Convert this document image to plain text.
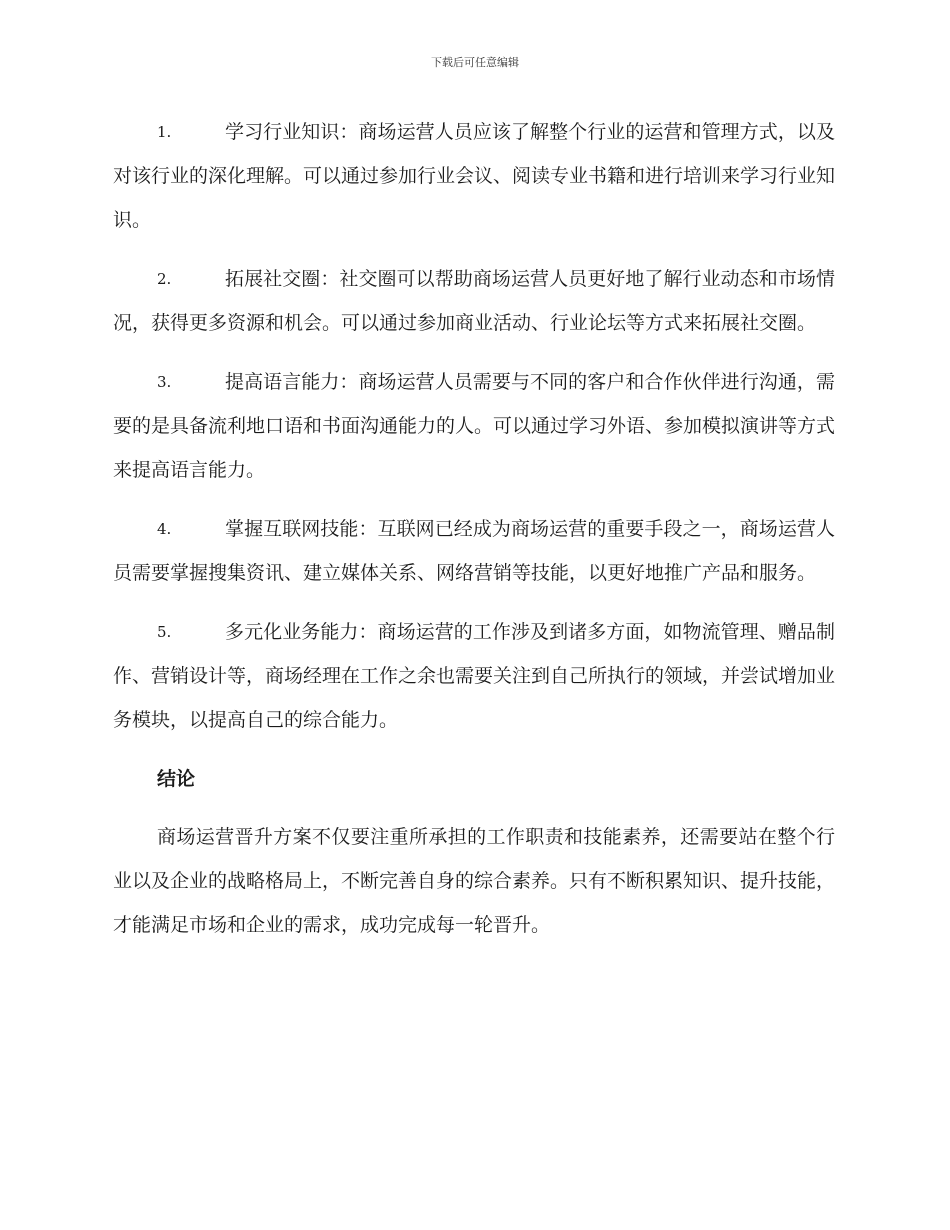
下载后可任意编辑
1.	学习行业知识：商场运营人员应该了解整个行业的运营和管理方式，以及对该行业的深化理解。可以通过参加行业会议、阅读专业书籍和进行培训来学习行业知识。
2.	拓展社交圈：社交圈可以帮助商场运营人员更好地了解行业动态和市场情况，获得更多资源和机会。可以通过参加商业活动、行业论坛等方式来拓展社交圈。
3.	提高语言能力：商场运营人员需要与不同的客户和合作伙伴进行沟通，需要的是具备流利地口语和书面沟通能力的人。可以通过学习外语、参加模拟演讲等方式来提高语言能力。
4.	掌握互联网技能：互联网已经成为商场运营的重要手段之一，商场运营人员需要掌握搜集资讯、建立媒体关系、网络营销等技能，以更好地推广产品和服务。
5.	多元化业务能力：商场运营的工作涉及到诸多方面，如物流管理、赠品制作、营销设计等，商场经理在工作之余也需要关注到自己所执行的领域，并尝试增加业务模块，以提高自己的综合能力。
结论

商场运营晋升方案不仅要注重所承担的工作职责和技能素养，还需要站在整个行业以及企业的战略格局上，不断完善自身的综合素养。只有不断积累知识、提升技能，才能满足市场和企业的需求，成功完成每一轮晋升。
